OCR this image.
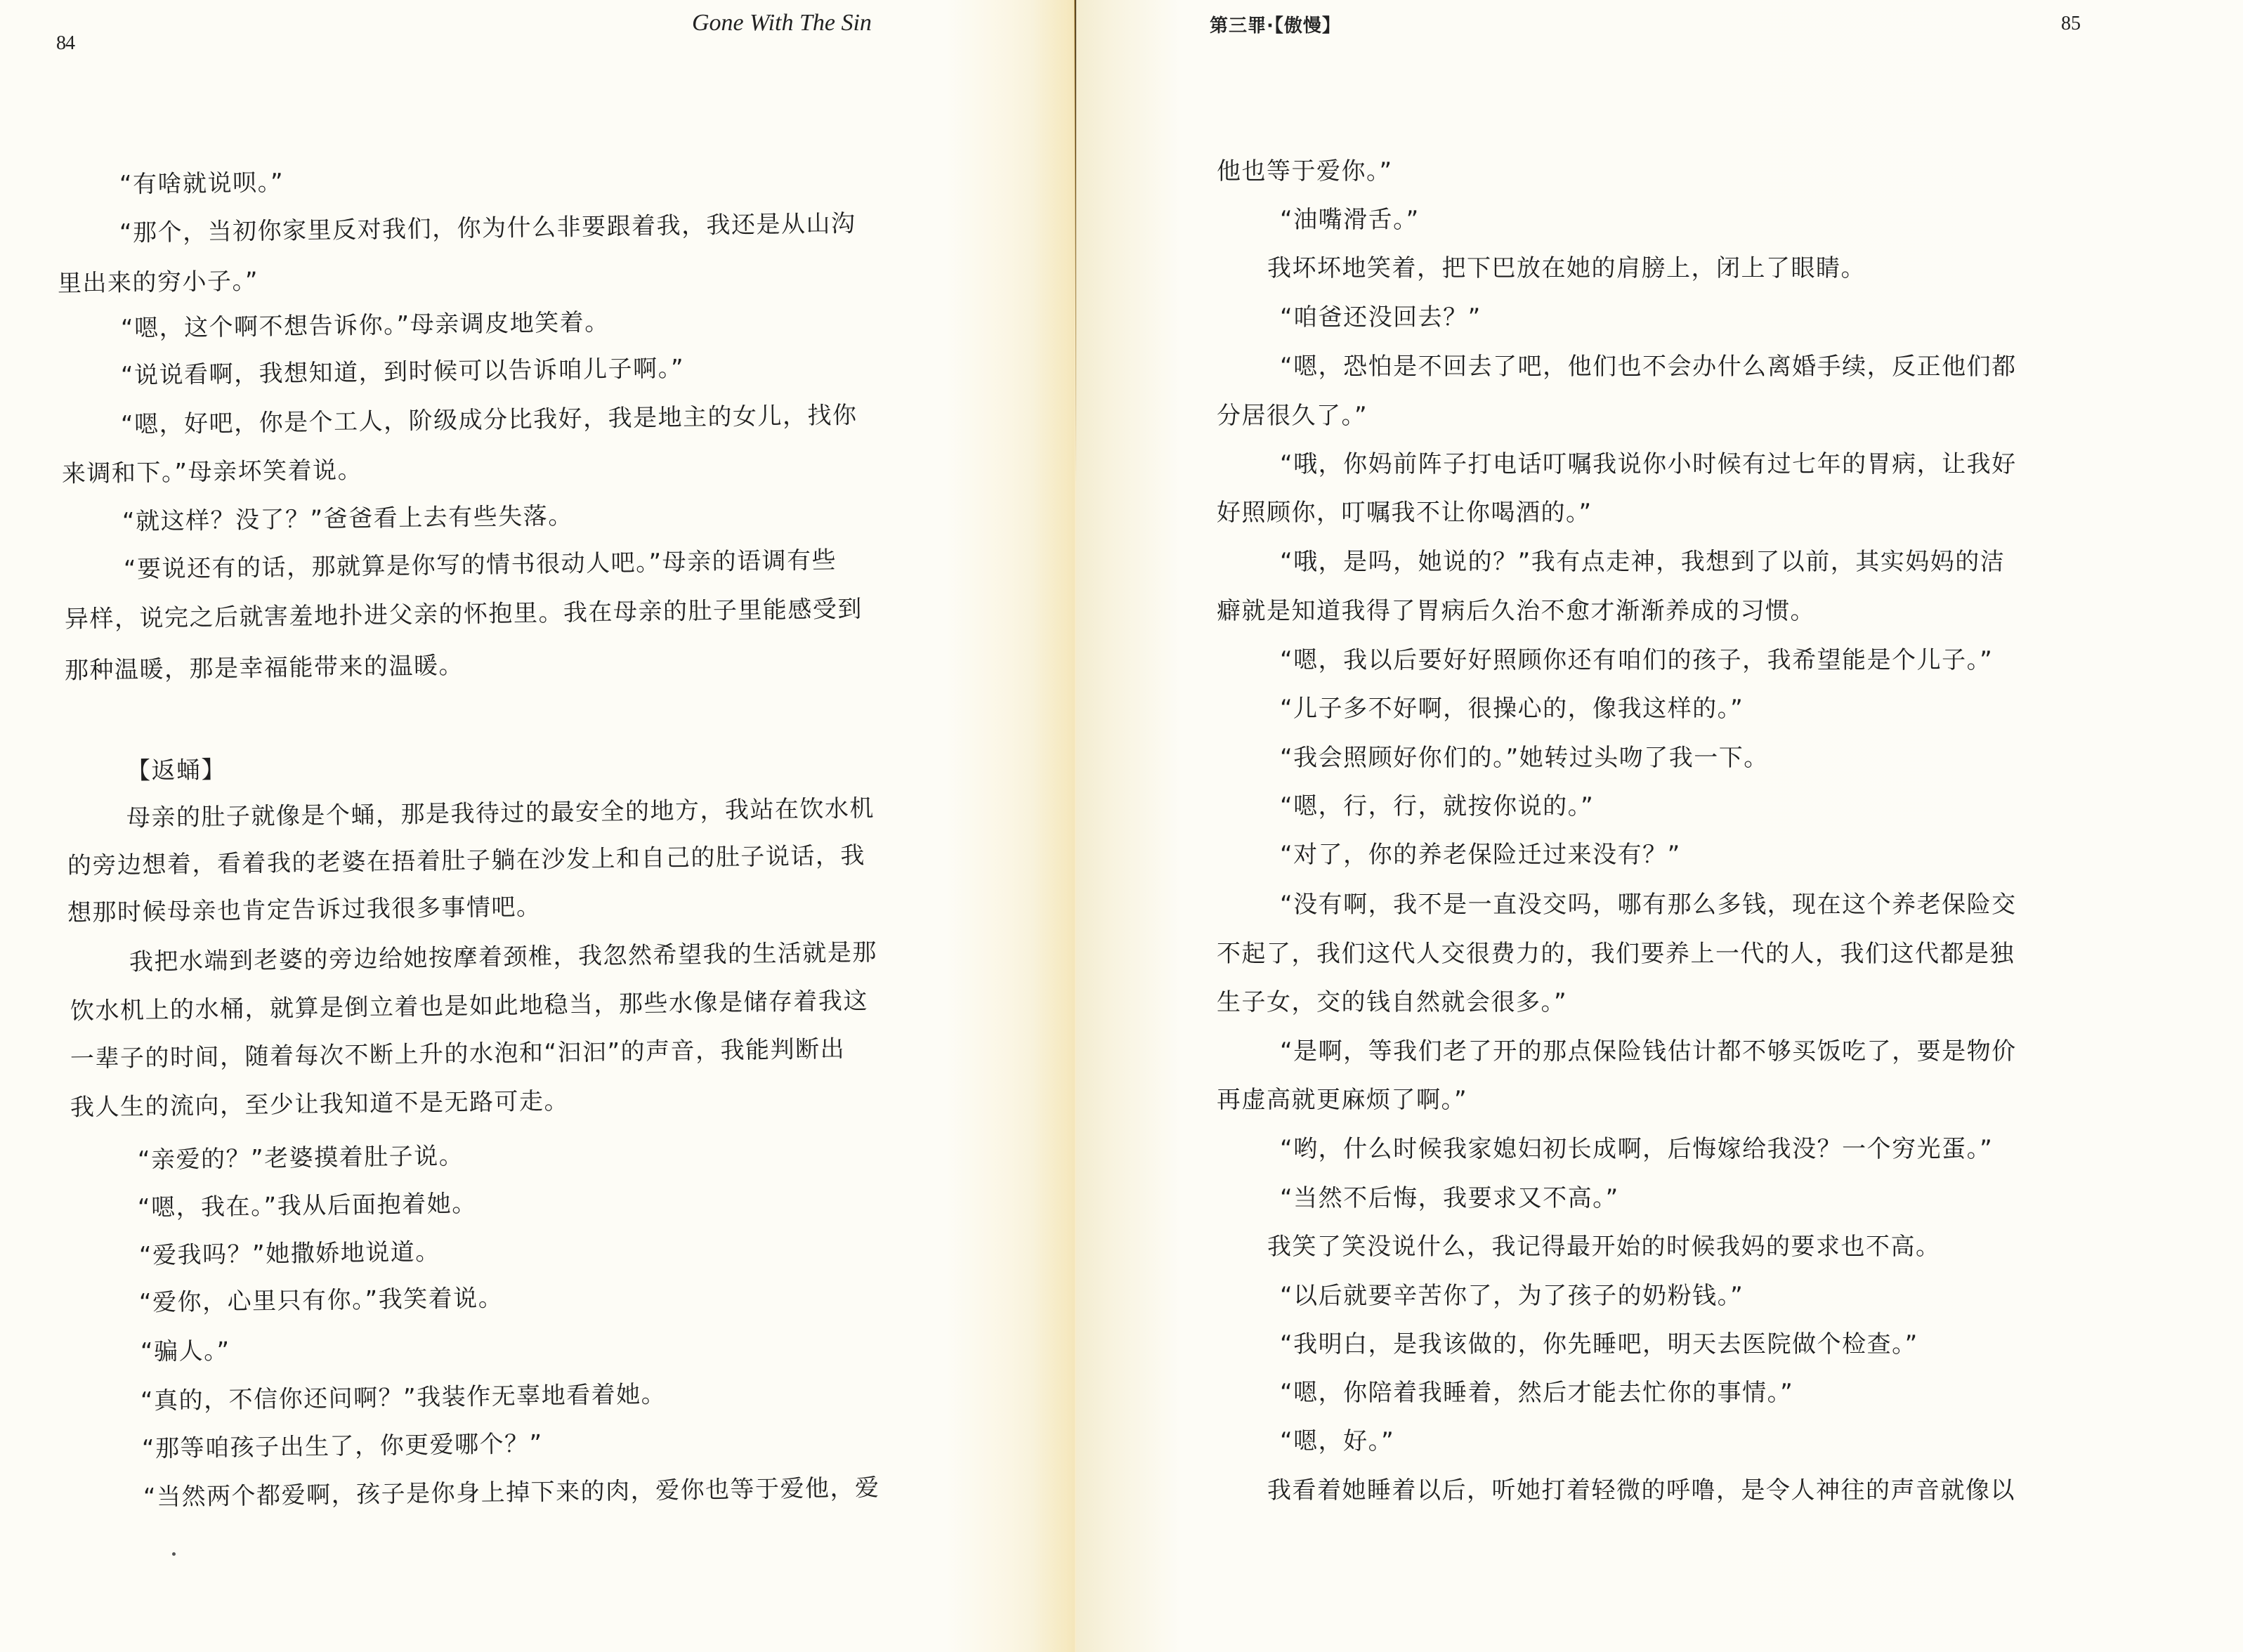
84
Gone With The Sin
“有啥就说呗。”
“那个，当初你家里反对我们，你为什么非要跟着我，我还是从山沟
里出来的穷小子。”
“嗯，这个啊不想告诉你。”母亲调皮地笑着。
“说说看啊，我想知道，到时候可以告诉咱儿子啊。”
“嗯，好吧，你是个工人，阶级成分比我好，我是地主的女儿，找你
来调和下。”母亲坏笑着说。
“就这样？没了？”爸爸看上去有些失落。
“要说还有的话，那就算是你写的情书很动人吧。”母亲的语调有些
异样，说完之后就害羞地扑进父亲的怀抱里。我在母亲的肚子里能感受到
【返蛹】
那种温暖，那是幸福能带来的温暖。
母亲的肚子就像是个蛹，那是我待过的最安全的地方，我站在饮水机
的旁边想着，看着我的老婆在捂着肚子躺在沙发上和自己的肚子说话，我
想那时候母亲也肯定告诉过我很多事情吧。
我把水端到老婆的旁边给她按摩着颈椎，我忽然希望我的生活就是那
饮水机上的水桶，就算是倒立着也是如此地稳当，那些水像是储存着我这
一辈子的时间，随着每次不断上升的水泡和“汩汩”的声音，我能判断出
我人生的流向，至少让我知道不是无路可走。
“亲爱的？”老婆摸着肚子说。
“嗯，我在。”我从后面抱着她。
“爱我吗？”她撒娇地说道。
“爱你，心里只有你。”我笑着说。
“骗人。”
“真的，不信你还问啊？”我装作无辜地看着她。
“那等咱孩子出生了，你更爱哪个？”
“当然两个都爱啊，孩子是你身上掉下来的肉，爱你也等于爱他，爱
第三罪·【傲慢】	85
他也等于爱你。”
“油嘴滑舌。”
我坏坏地笑着，把下巴放在她的肩膀上，闭上了眼睛。
“咱爸还没回去？”
“嗯，恐怕是不回去了吧，他们也不会办什么离婚手续，反正他们都
分居很久了。”
“哦，你妈前阵子打电话叮嘱我说你小时候有过七年的胃病，让我好
好照顾你，叮嘱我不让你喝酒的。”
“哦，是吗，她说的？”我有点走神，我想到了以前，其实妈妈的洁
癖就是知道我得了胃病后久治不愈才渐渐养成的习惯。
“嗯，我以后要好好照顾你还有咱们的孩子，我希望能是个儿子。”
“儿子多不好啊，很操心的，像我这样的。”
“我会照顾好你们的。”她转过头吻了我一下。
“嗯，行，行，就按你说的。”
“对了，你的养老保险迁过来没有？”
“没有啊，我不是一直没交吗，哪有那么多钱，现在这个养老保险交
不起了，我们这代人交很费力的，我们要养上一代的人，我们这代都是独
生子女，交的钱自然就会很多。”
“是啊，等我们老了开的那点保险钱估计都不够买饭吃了，要是物价
再虚高就更麻烦了啊。”
“哟，什么时候我家媳妇初长成啊，后悔嫁给我没？一个穷光蛋。”
“当然不后悔，我要求又不高。”
我笑了笑没说什么，我记得最开始的时候我妈的要求也不高。
“以后就要辛苦你了，为了孩子的奶粉钱。”
“我明白，是我该做的，你先睡吧，明天去医院做个检查。”
“嗯，你陪着我睡着，然后才能去忙你的事情。”
“嗯，好。”
我看着她睡着以后，听她打着轻微的呼噜，是令人神往的声音就像以
